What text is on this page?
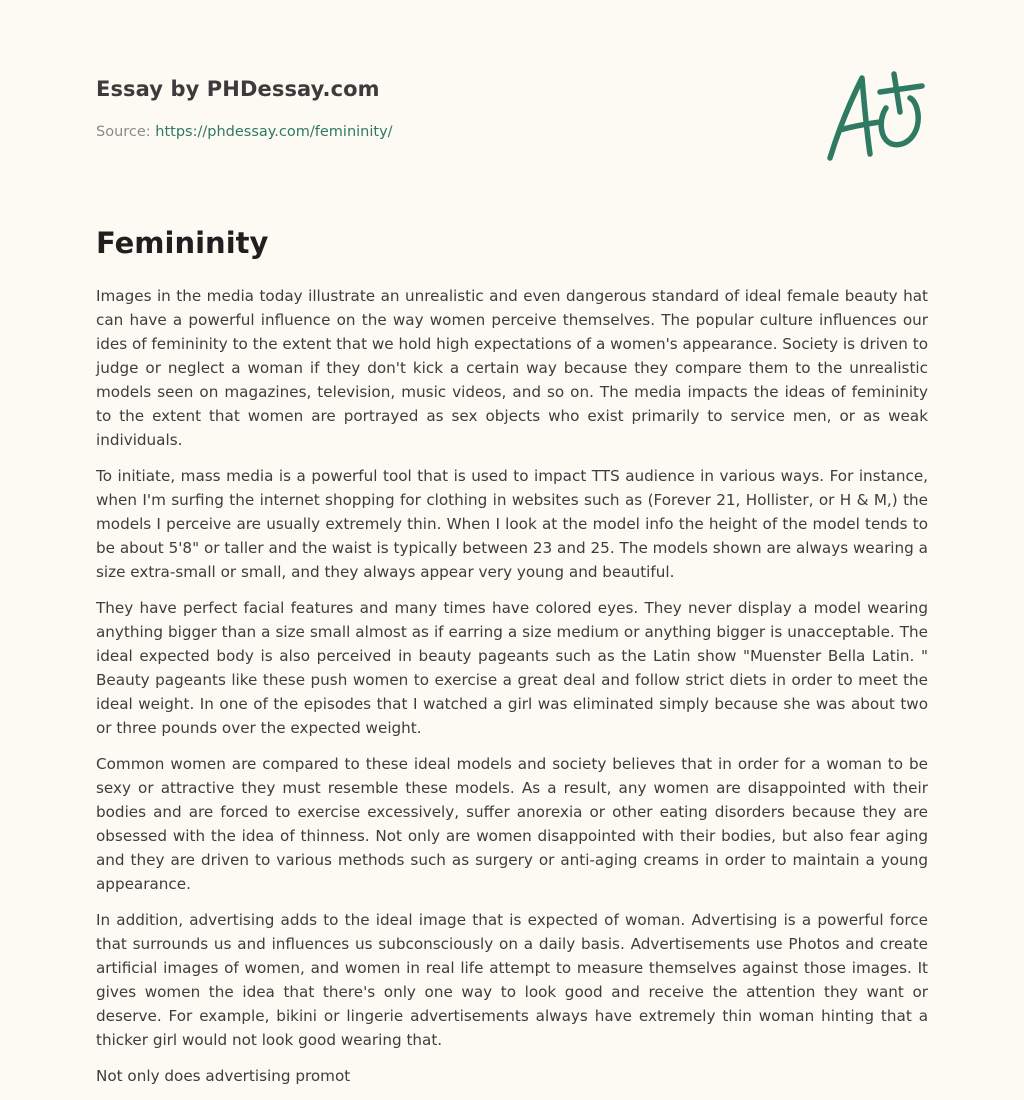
Essay by PHDessay.com
Source: https://phdessay.com/femininity/
Femininity

Images in the media today illustrate an unrealistic and even dangerous standard of ideal female beauty hat can have a powerful influence on the way women perceive themselves. The popular culture influences our ides of femininity to the extent that we hold high expectations of a women's appearance. Society is driven to judge or neglect a woman if they don't kick a certain way because they compare them to the unrealistic models seen on magazines, television, music videos, and so on. The media impacts the ideas of femininity to the extent that women are portrayed as sex objects who exist primarily to service men, or as weak individuals.

To initiate, mass media is a powerful tool that is used to impact TTS audience in various ways. For instance, when I'm surfing the internet shopping for clothing in websites such as (Forever 21, Hollister, or H & M,) the models I perceive are usually extremely thin. When I look at the model info the height of the model tends to be about 5'8" or taller and the waist is typically between 23 and 25. The models shown are always wearing a size extra-small or small, and they always appear very young and beautiful.

They have perfect facial features and many times have colored eyes. They never display a model wearing anything bigger than a size small almost as if earring a size medium or anything bigger is unacceptable. The ideal expected body is also perceived in beauty pageants such as the Latin show "Muenster Bella Latin. " Beauty pageants like these push women to exercise a great deal and follow strict diets in order to meet the ideal weight. In one of the episodes that I watched a girl was eliminated simply because she was about two or three pounds over the expected weight.

Common women are compared to these ideal models and society believes that in order for a woman to be sexy or attractive they must resemble these models. As a result, any women are disappointed with their bodies and are forced to exercise excessively, suffer anorexia or other eating disorders because they are obsessed with the idea of thinness. Not only are women disappointed with their bodies, but also fear aging and they are driven to various methods such as surgery or anti-aging creams in order to maintain a young appearance.

In addition, advertising adds to the ideal image that is expected of woman. Advertising is a powerful force that surrounds us and influences us subconsciously on a daily basis. Advertisements use Photos and create artificial images of women, and women in real life attempt to measure themselves against those images. It gives women the idea that there's only one way to look good and receive the attention they want or deserve. For example, bikini or lingerie advertisements always have extremely thin woman hinting that a thicker girl would not look good wearing that.

Not only does advertising promot
